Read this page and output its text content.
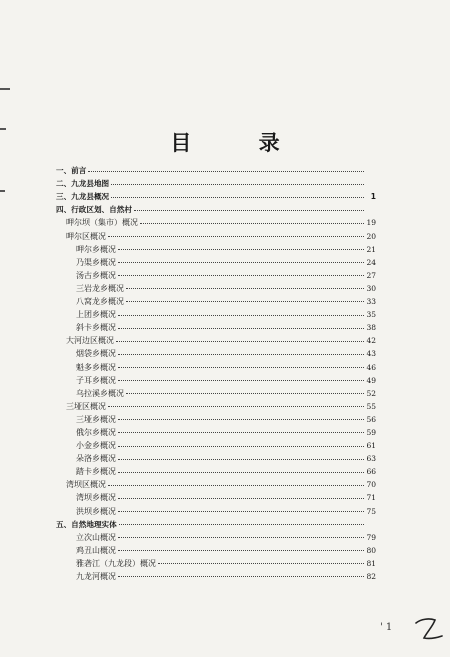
目 录
一、前言
二、九龙县地图
三、九龙县概况	1
四、行政区划、自然村
呷尔坝（集市）概况	19
呷尔区概况	20
呷尔乡概况	21
乃渠乡概况	24
汤古乡概况	27
三岩龙乡概况	30
八窝龙乡概况	33
上团乡概况	35
斜卡乡概况	38
大河边区概况	42
烟袋乡概况	43
魁多乡概况	46
子耳乡概况	49
乌拉溪乡概况	52
三垭区概况	55
三垭乡概况	56
俄尔乡概况	59
小金乡概况	61
朵洛乡概况	63
踏卡乡概况	66
湾坝区概况	70
湾坝乡概况	71
洪坝乡概况	75
五、自然地理实体
立次山概况	79
鸡丑山概况	80
雅砻江（九龙段）概况	81
九龙河概况	82
' 1
